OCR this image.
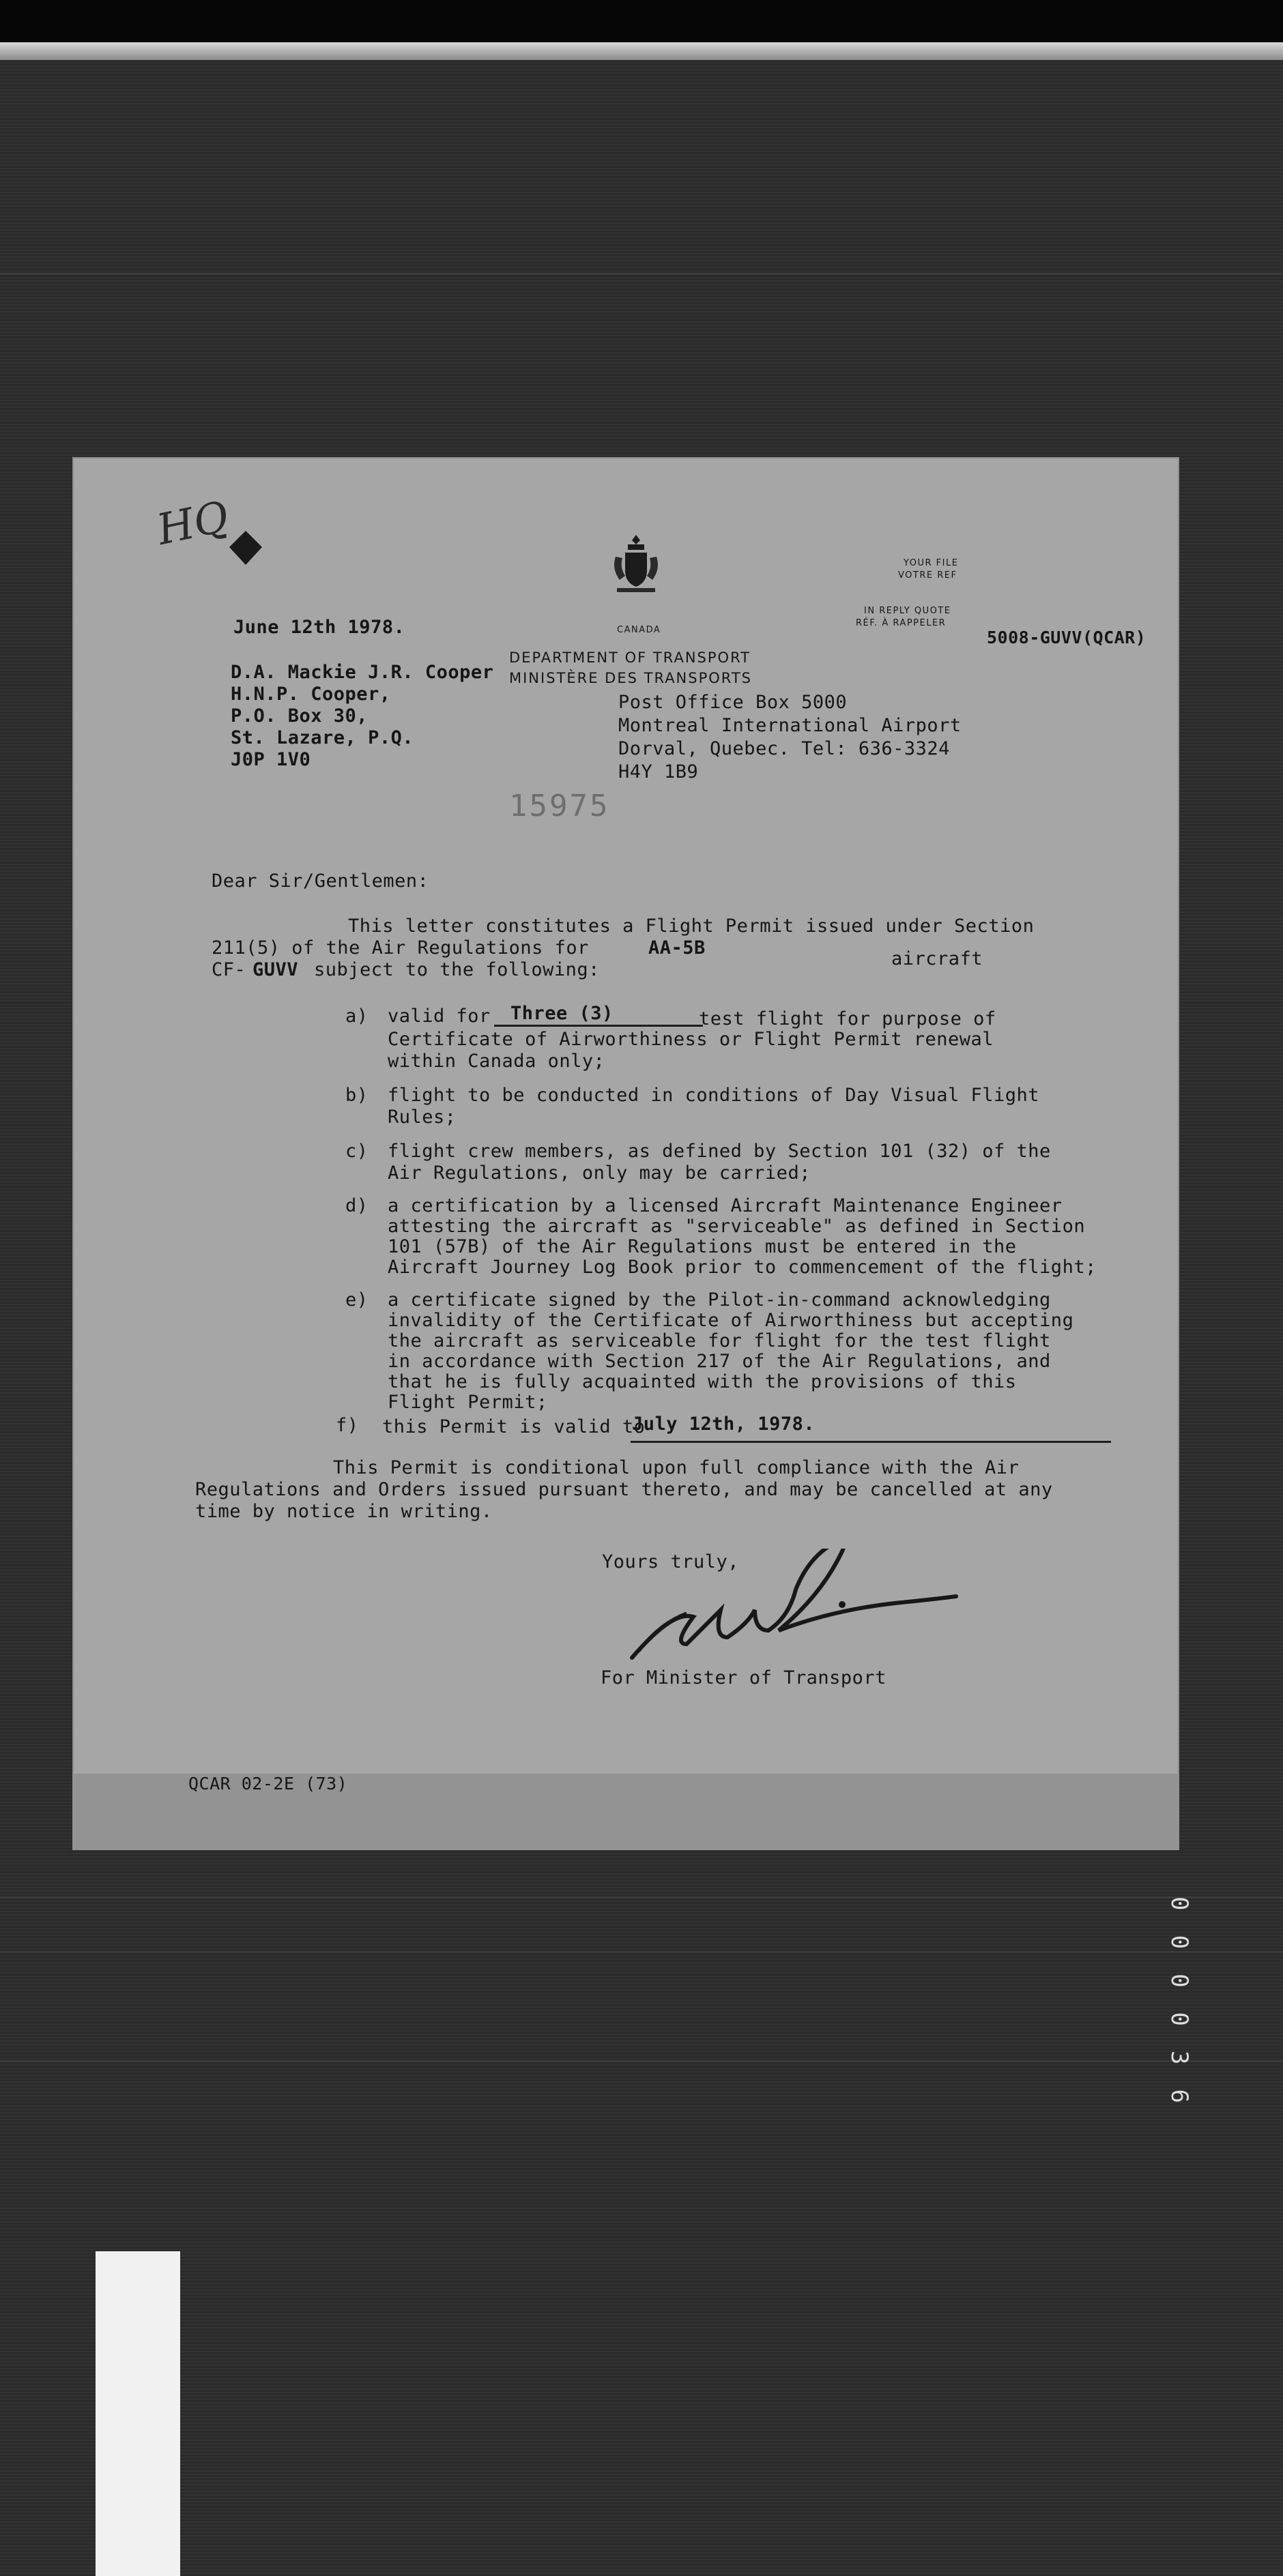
HQ
CANADA
DEPARTMENT OF TRANSPORT
MINISTÈRE DES TRANSPORTS
YOUR FILE
VOTRE REF
IN REPLY QUOTE
RÉF. À RAPPELER
5008-GUVV(QCAR)
June 12th 1978.
D.A. Mackie J.R. Cooper
H.N.P. Cooper,
P.O. Box 30,
St. Lazare, P.Q.
J0P 1V0
Post Office Box 5000
Montreal International Airport
Dorval, Quebec. Tel: 636-3324
H4Y 1B9
15975
Dear Sir/Gentlemen:
This letter constitutes a Flight Permit issued under Section
211(5) of the Air Regulations for	AA-5B
aircraft
CF- GUVV subject to the following:
a) valid for Three (3)	test flight for purpose of
Certificate of Airworthiness or Flight Permit renewal
within Canada only;
b) flight to be conducted in conditions of Day Visual Flight
Rules;
c) flight crew members, as defined by Section 101 (32) of the
Air Regulations, only may be carried;
d) a certification by a licensed Aircraft Maintenance Engineer
attesting the aircraft as "serviceable" as defined in Section
101 (57B) of the Air Regulations must be entered in the
Aircraft Journey Log Book prior to commencement of the flight;
e) a certificate signed by the Pilot-in-command acknowledging
invalidity of the Certificate of Airworthiness but accepting
the aircraft as serviceable for flight for the test flight
in accordance with Section 217 of the Air Regulations, and
that he is fully acquainted with the provisions of this
Flight Permit;
f) this Permit is valid to
July 12th, 1978.
This Permit is conditional upon full compliance with the Air
Regulations and Orders issued pursuant thereto, and may be cancelled at any
time by notice in writing.
Yours truly,
For Minister of Transport
QCAR 02-2E (73)
000036
